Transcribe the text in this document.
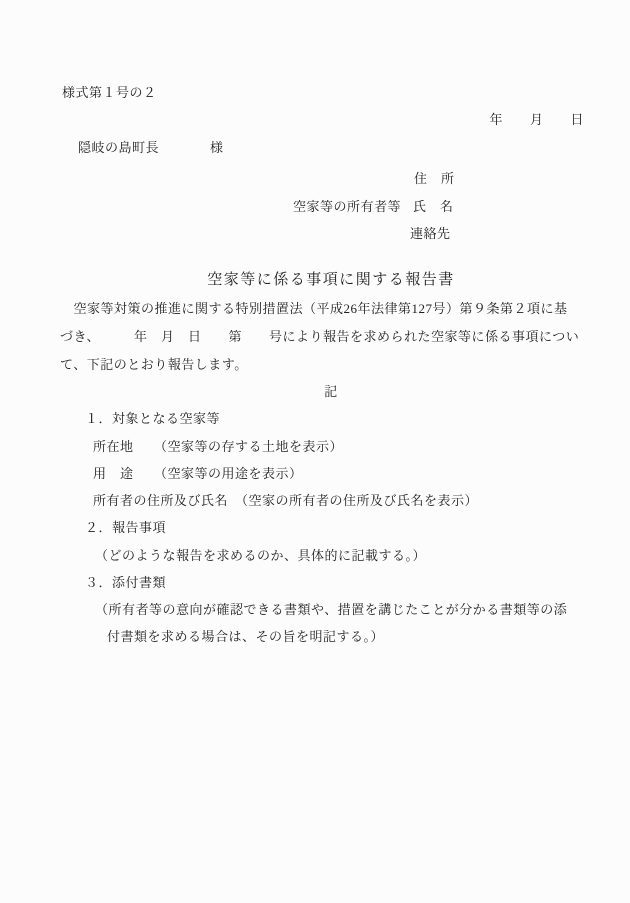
様式第１号の２
年　　月　　日
隠岐の島町長	様
住　所
空家等の所有者等 氏　名
連絡先
空家等に係る事項に関する報告書
　空家等対策の推進に関する特別措置法（平成26年法律第127号）第９条第２項に基
づき、　　　年　月　日　　第　　号により報告を求められた空家等に係る事項につい
て、下記のとおり報告します。
記
１．対象となる空家等
所在地　　（空家等の存する土地を表示）
用　途　　（空家等の用途を表示）
所有者の住所及び氏名　（空家の所有者の住所及び氏名を表示）
２．報告事項
（どのような報告を求めるのか、具体的に記載する。）
３．添付書類
（所有者等の意向が確認できる書類や、措置を講じたことが分かる書類等の添
付書類を求める場合は、その旨を明記する。）
